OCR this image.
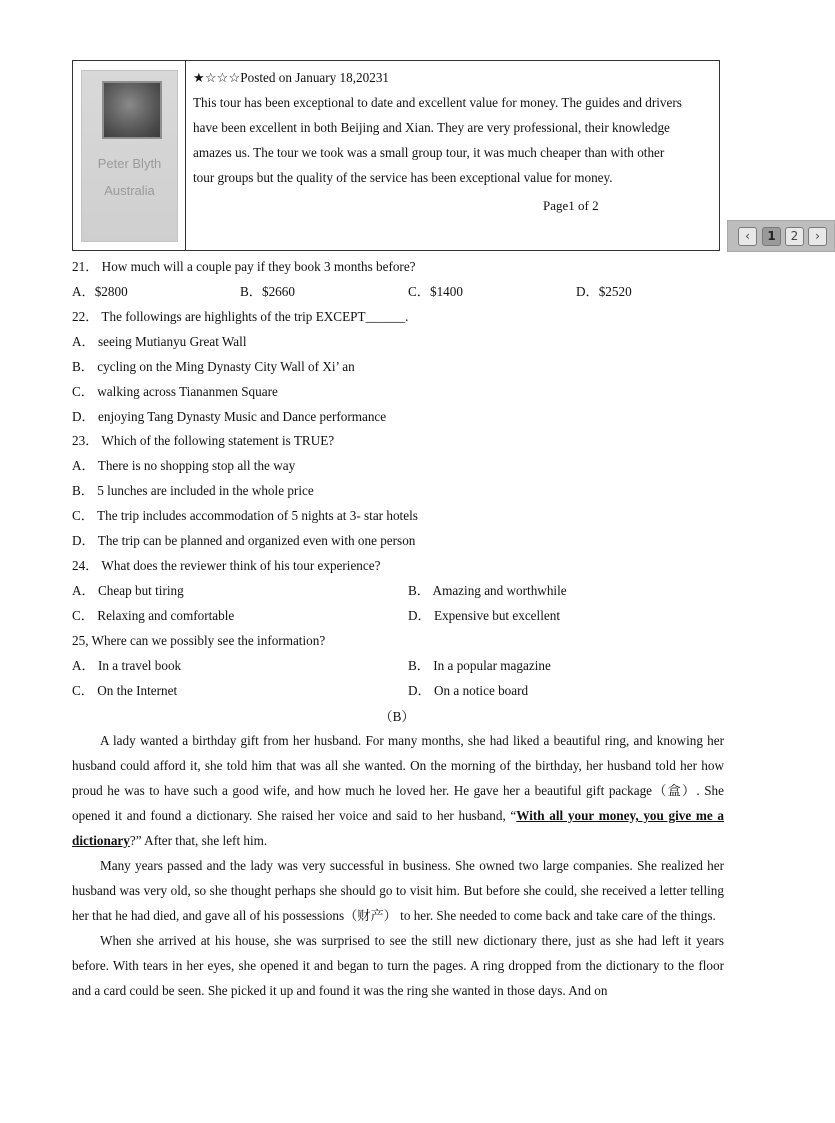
Peter Blyth
Australia

★☆☆☆Posted on January 18,20231

This tour has been exceptional to date and excellent value for money. The guides and drivers

have been excellent in both Beijing and Xian. They are very professional, their knowledge

amazes us. The tour we took was a small group tour, it was much cheaper than with other

tour groups but the quality of the service has been exceptional value for money.

Page1 of 2
‹	1	2	›
21． How much will a couple pay if they book 3 months before?
A．$2800	B．$2660	C．$1400	D．$2520
22． The followings are highlights of the trip EXCEPT______.
A． seeing Mutianyu Great Wall
B． cycling on the Ming Dynasty City Wall of Xi’ an
C． walking across Tiananmen Square
D． enjoying Tang Dynasty Music and Dance performance
23． Which of the following statement is TRUE?
A． There is no shopping stop all the way
B． 5 lunches are included in the whole price
C． The trip includes accommodation of 5 nights at 3- star hotels
D． The trip can be planned and organized even with one person
24． What does the reviewer think of his tour experience?
A． Cheap but tiring	B． Amazing and worthwhile
C． Relaxing and comfortable	D． Expensive but excellent
25, Where can we possibly see the information?
A． In a travel book	B． In a popular magazine
C． On the Internet	D． On a notice board
（B）

A lady wanted a birthday gift from her husband. For many months, she had liked a beautiful ring, and knowing her husband could afford it, she told him that was all she wanted. On the morning of the birthday, her husband told her how proud he was to have such a good wife, and how much he loved her. He gave her a beautiful gift package（盒）. She opened it and found a dictionary. She raised her voice and said to her husband, “With all your money, you give me a dictionary?” After that, she left him.

Many years passed and the lady was very successful in business. She owned two large companies. She realized her husband was very old, so she thought perhaps she should go to visit him. But before she could, she received a letter telling her that he had died, and gave all of his possessions（财产） to her. She needed to come back and take care of the things.

When she arrived at his house, she was surprised to see the still new dictionary there, just as she had left it years before. With tears in her eyes, she opened it and began to turn the pages. A ring dropped from the dictionary to the floor and a card could be seen. She picked it up and found it was the ring she wanted in those days. And on
